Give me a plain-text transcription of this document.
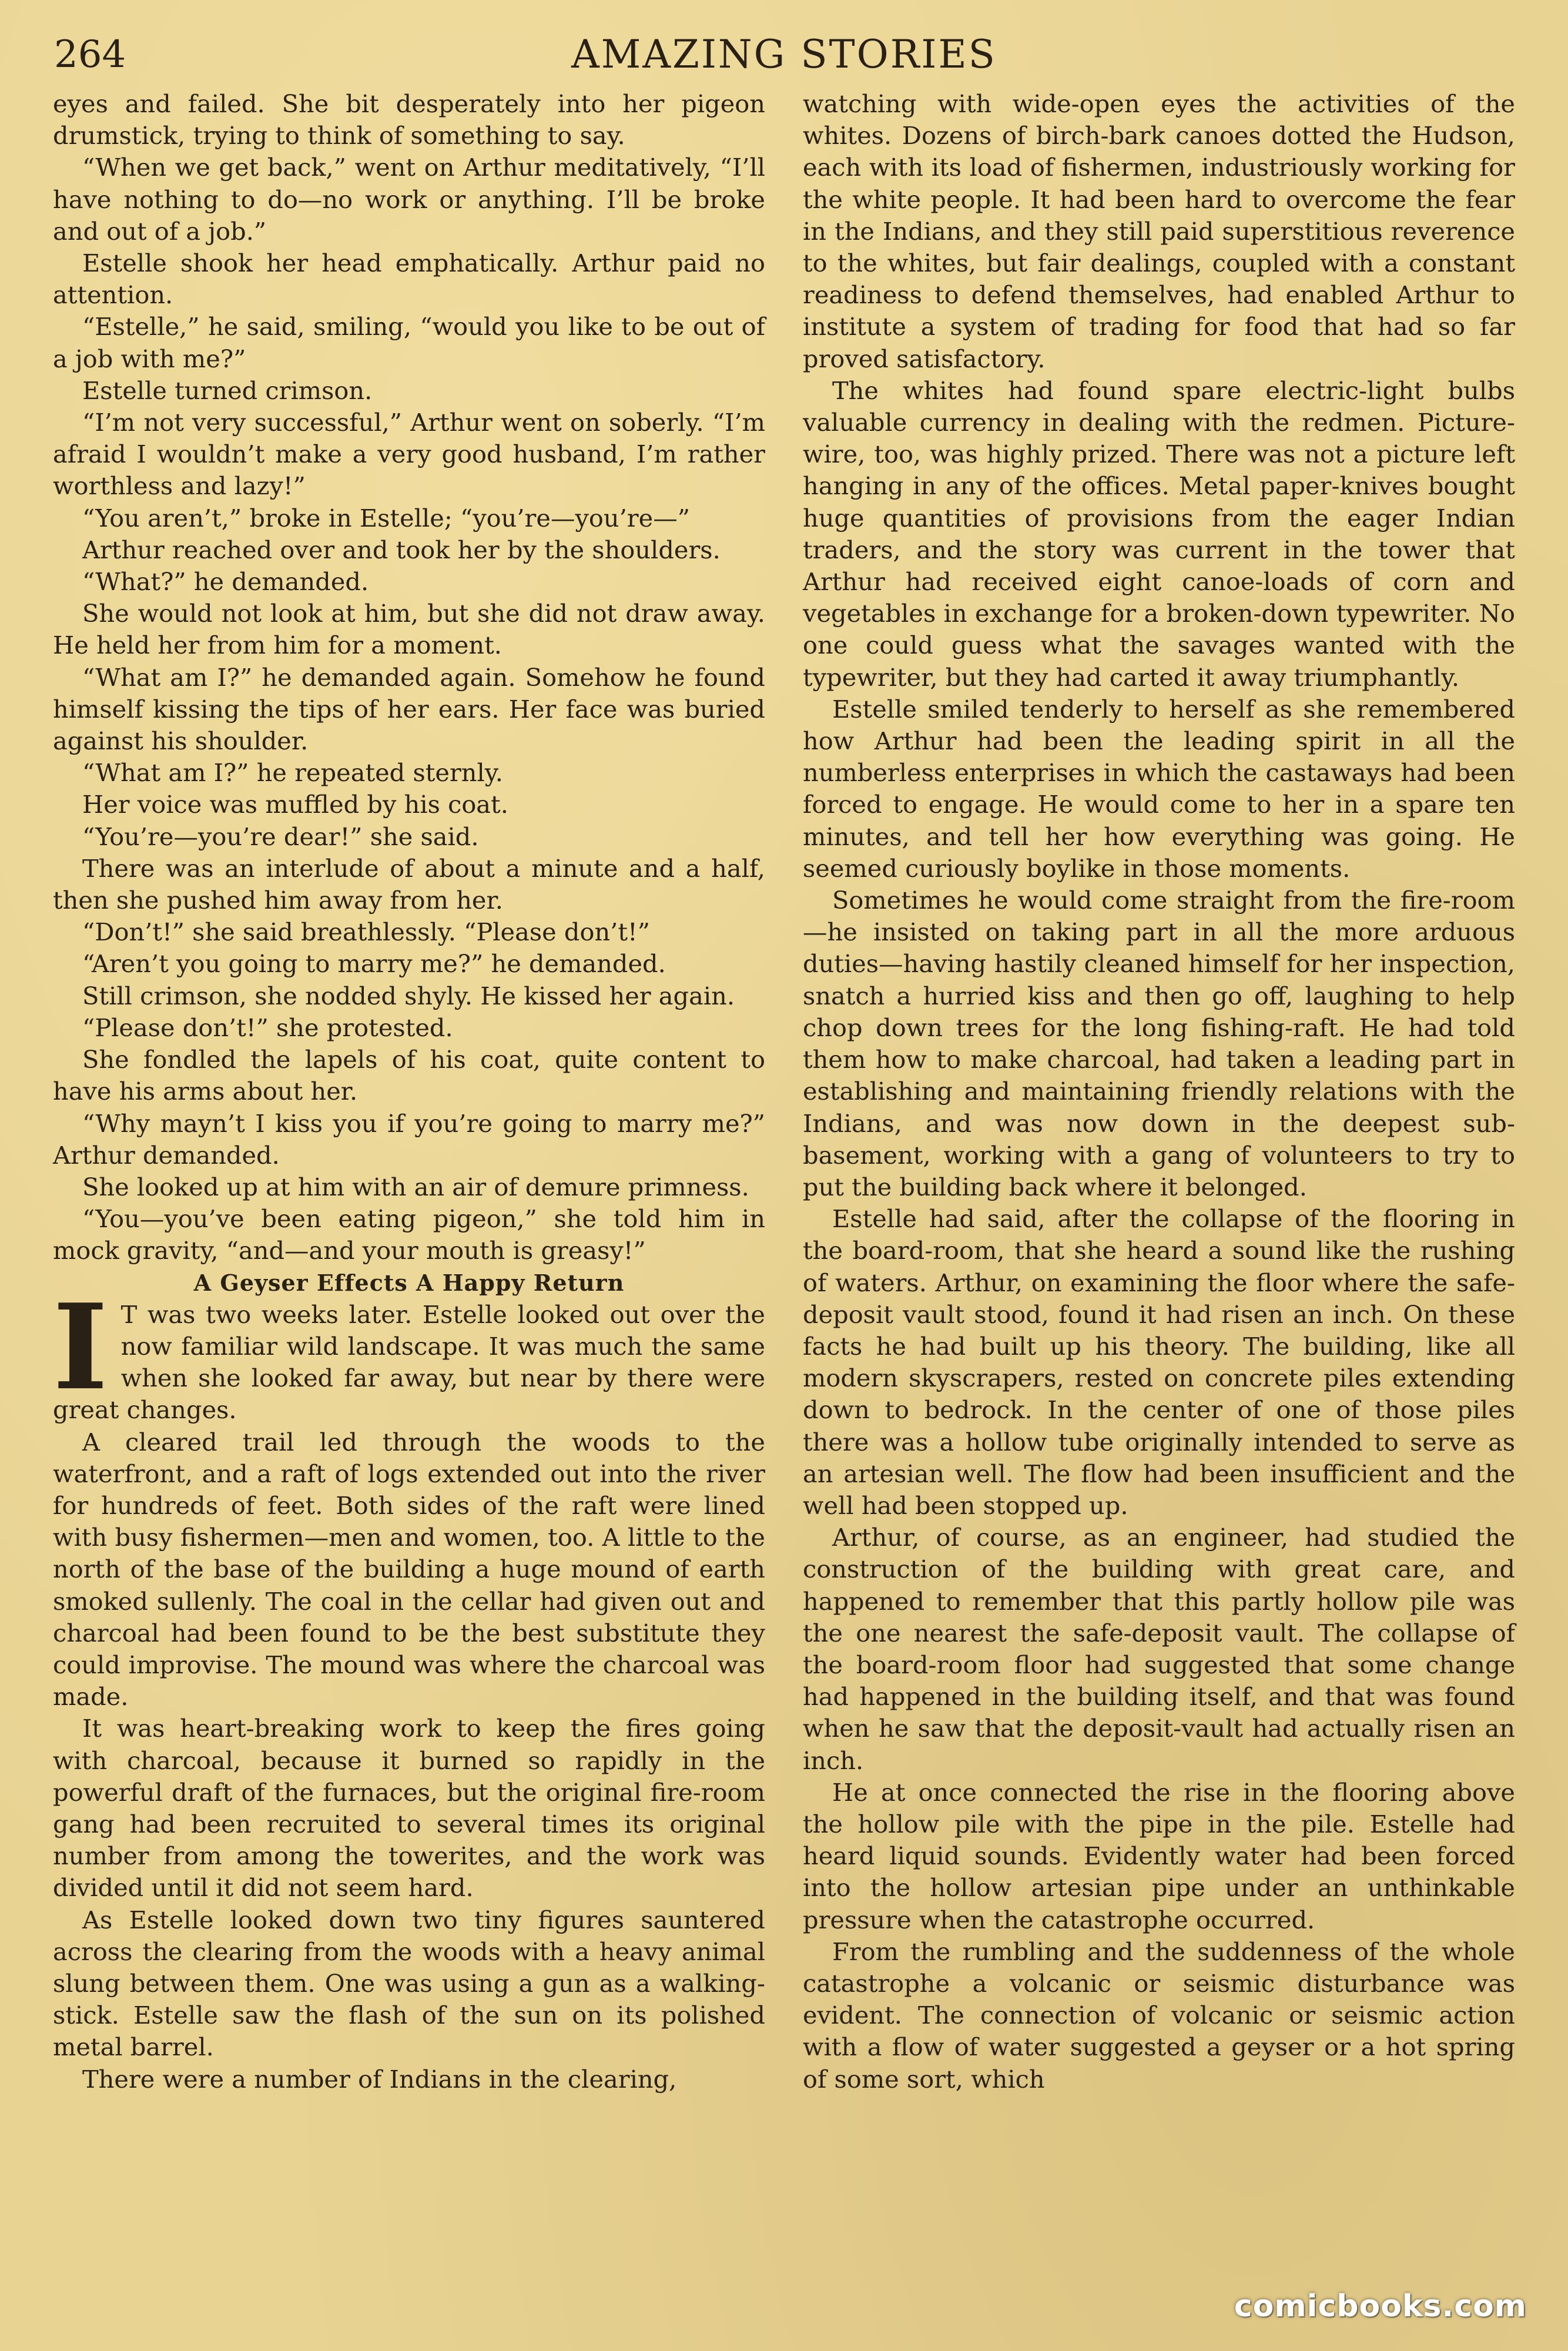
264	AMAZING STORIES

eyes and failed. She bit desperately into her pigeon drumstick, trying to think of something to say.

“When we get back,” went on Arthur meditatively, “I’ll have nothing to do—no work or anything. I’ll be broke and out of a job.”

Estelle shook her head emphatically. Arthur paid no attention.

“Estelle,” he said, smiling, “would you like to be out of a job with me?”

Estelle turned crimson.

“I’m not very successful,” Arthur went on soberly. “I’m afraid I wouldn’t make a very good husband, I’m rather worthless and lazy!”

“You aren’t,” broke in Estelle; “you’re—you’re—”

Arthur reached over and took her by the shoulders.

“What?” he demanded.

She would not look at him, but she did not draw away. He held her from him for a moment.

“What am I?” he demanded again. Somehow he found himself kissing the tips of her ears. Her face was buried against his shoulder.

“What am I?” he repeated sternly.

Her voice was muffled by his coat.

“You’re—you’re dear!” she said.

There was an interlude of about a minute and a half, then she pushed him away from her.

“Don’t!” she said breathlessly. “Please don’t!”

“Aren’t you going to marry me?” he demanded.

Still crimson, she nodded shyly. He kissed her again.

“Please don’t!” she protested.

She fondled the lapels of his coat, quite content to have his arms about her.

“Why mayn’t I kiss you if you’re going to marry me?” Arthur demanded.

She looked up at him with an air of demure primness.

“You—you’ve been eating pigeon,” she told him in mock gravity, “and—and your mouth is greasy!”

A Geyser Effects A Happy Return

I T was two weeks later. Estelle looked out over the now familiar wild landscape. It was much the same when she looked far away, but near by there were great changes.

A cleared trail led through the woods to the waterfront, and a raft of logs extended out into the river for hundreds of feet. Both sides of the raft were lined with busy fishermen—men and women, too. A little to the north of the base of the building a huge mound of earth smoked sullenly. The coal in the cellar had given out and charcoal had been found to be the best substitute they could improvise. The mound was where the charcoal was made.

It was heart-breaking work to keep the fires going with charcoal, because it burned so rapidly in the powerful draft of the furnaces, but the original fire-room gang had been recruited to several times its original number from among the towerites, and the work was divided until it did not seem hard.

As Estelle looked down two tiny figures sauntered across the clearing from the woods with a heavy animal slung between them. One was using a gun as a walking-stick. Estelle saw the flash of the sun on its polished metal barrel.

There were a number of Indians in the clearing,

watching with wide-open eyes the activities of the whites. Dozens of birch-bark canoes dotted the Hudson, each with its load of fishermen, industriously working for the white people. It had been hard to overcome the fear in the Indians, and they still paid superstitious reverence to the whites, but fair dealings, coupled with a constant readiness to defend themselves, had enabled Arthur to institute a system of trading for food that had so far proved satisfactory.

The whites had found spare electric-light bulbs valuable currency in dealing with the redmen. Picture-wire, too, was highly prized. There was not a picture left hanging in any of the offices. Metal paper-knives bought huge quantities of provisions from the eager Indian traders, and the story was current in the tower that Arthur had received eight canoe-loads of corn and vegetables in exchange for a broken-down typewriter. No one could guess what the savages wanted with the typewriter, but they had carted it away triumphantly.

Estelle smiled tenderly to herself as she remembered how Arthur had been the leading spirit in all the numberless enterprises in which the castaways had been forced to engage. He would come to her in a spare ten minutes, and tell her how everything was going. He seemed curiously boylike in those moments.

Sometimes he would come straight from the fire-room—he insisted on taking part in all the more arduous duties—having hastily cleaned himself for her inspection, snatch a hurried kiss and then go off, laughing to help chop down trees for the long fishing-raft. He had told them how to make charcoal, had taken a leading part in establishing and maintaining friendly relations with the Indians, and was now down in the deepest sub-basement, working with a gang of volunteers to try to put the building back where it belonged.

Estelle had said, after the collapse of the flooring in the board-room, that she heard a sound like the rushing of waters. Arthur, on examining the floor where the safe-deposit vault stood, found it had risen an inch. On these facts he had built up his theory. The building, like all modern skyscrapers, rested on concrete piles extending down to bedrock. In the center of one of those piles there was a hollow tube originally intended to serve as an artesian well. The flow had been insufficient and the well had been stopped up.

Arthur, of course, as an engineer, had studied the construction of the building with great care, and happened to remember that this partly hollow pile was the one nearest the safe-deposit vault. The collapse of the board-room floor had suggested that some change had happened in the building itself, and that was found when he saw that the deposit-vault had actually risen an inch.

He at once connected the rise in the flooring above the hollow pile with the pipe in the pile. Estelle had heard liquid sounds. Evidently water had been forced into the hollow artesian pipe under an unthinkable pressure when the catastrophe occurred.

From the rumbling and the suddenness of the whole catastrophe a volcanic or seismic disturbance was evident. The connection of volcanic or seismic action with a flow of water suggested a geyser or a hot spring of some sort, which

comicbooks.com
